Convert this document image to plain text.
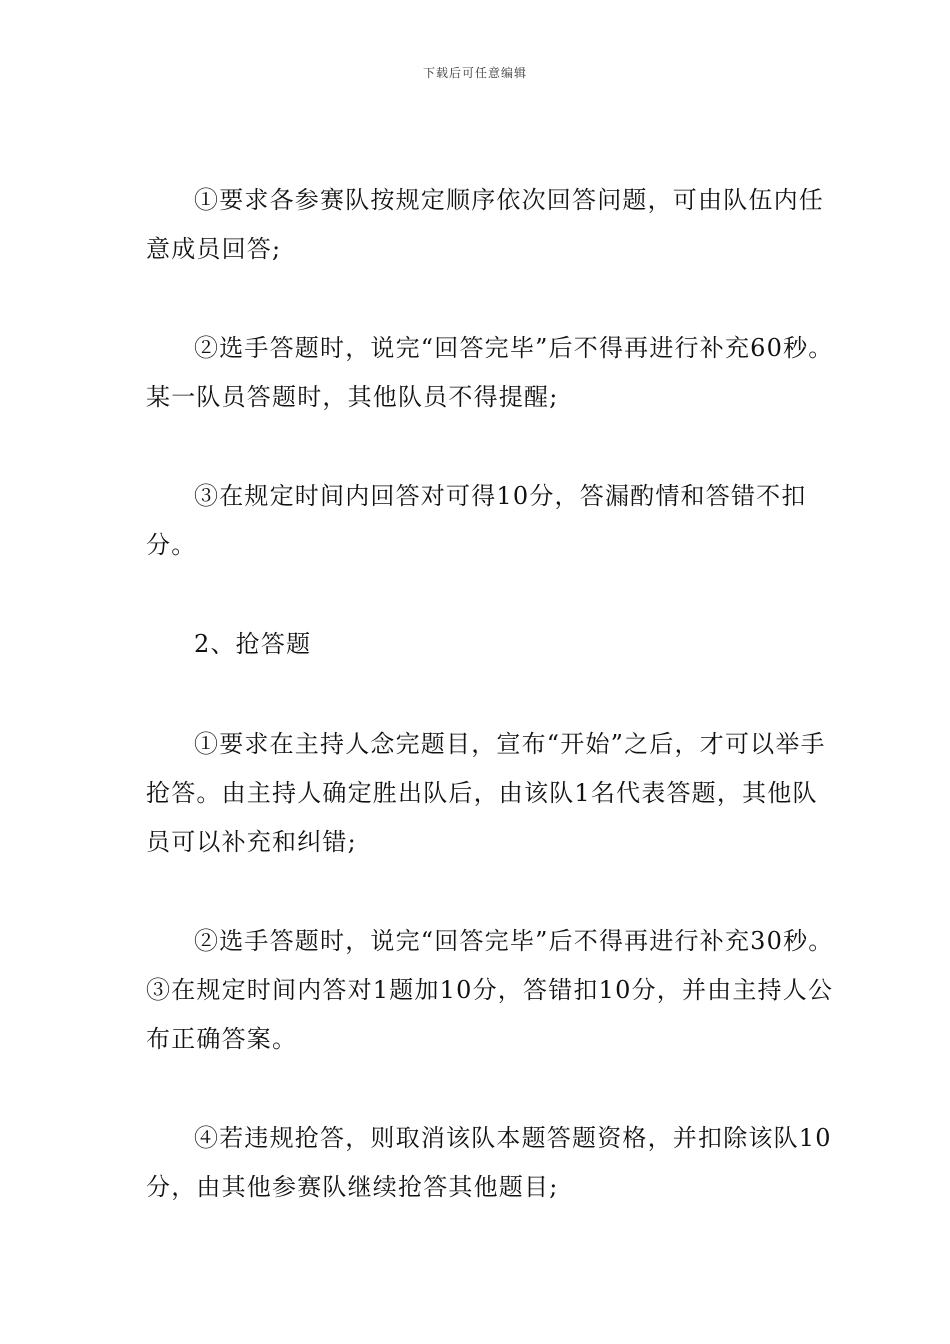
下载后可任意编辑

①要求各参赛队按规定顺序依次回答问题，可由队伍内任意成员回答;

②选手答题时，说完“回答完毕”后不得再进行补充60秒。某一队员答题时，其他队员不得提醒;

③在规定时间内回答对可得10分，答漏酌情和答错不扣分。

2、抢答题

①要求在主持人念完题目，宣布“开始”之后，才可以举手抢答。由主持人确定胜出队后，由该队1名代表答题，其他队员可以补充和纠错;

②选手答题时，说完“回答完毕”后不得再进行补充30秒。③在规定时间内答对1题加10分，答错扣10分，并由主持人公布正确答案。

④若违规抢答，则取消该队本题答题资格，并扣除该队10分，由其他参赛队继续抢答其他题目;
